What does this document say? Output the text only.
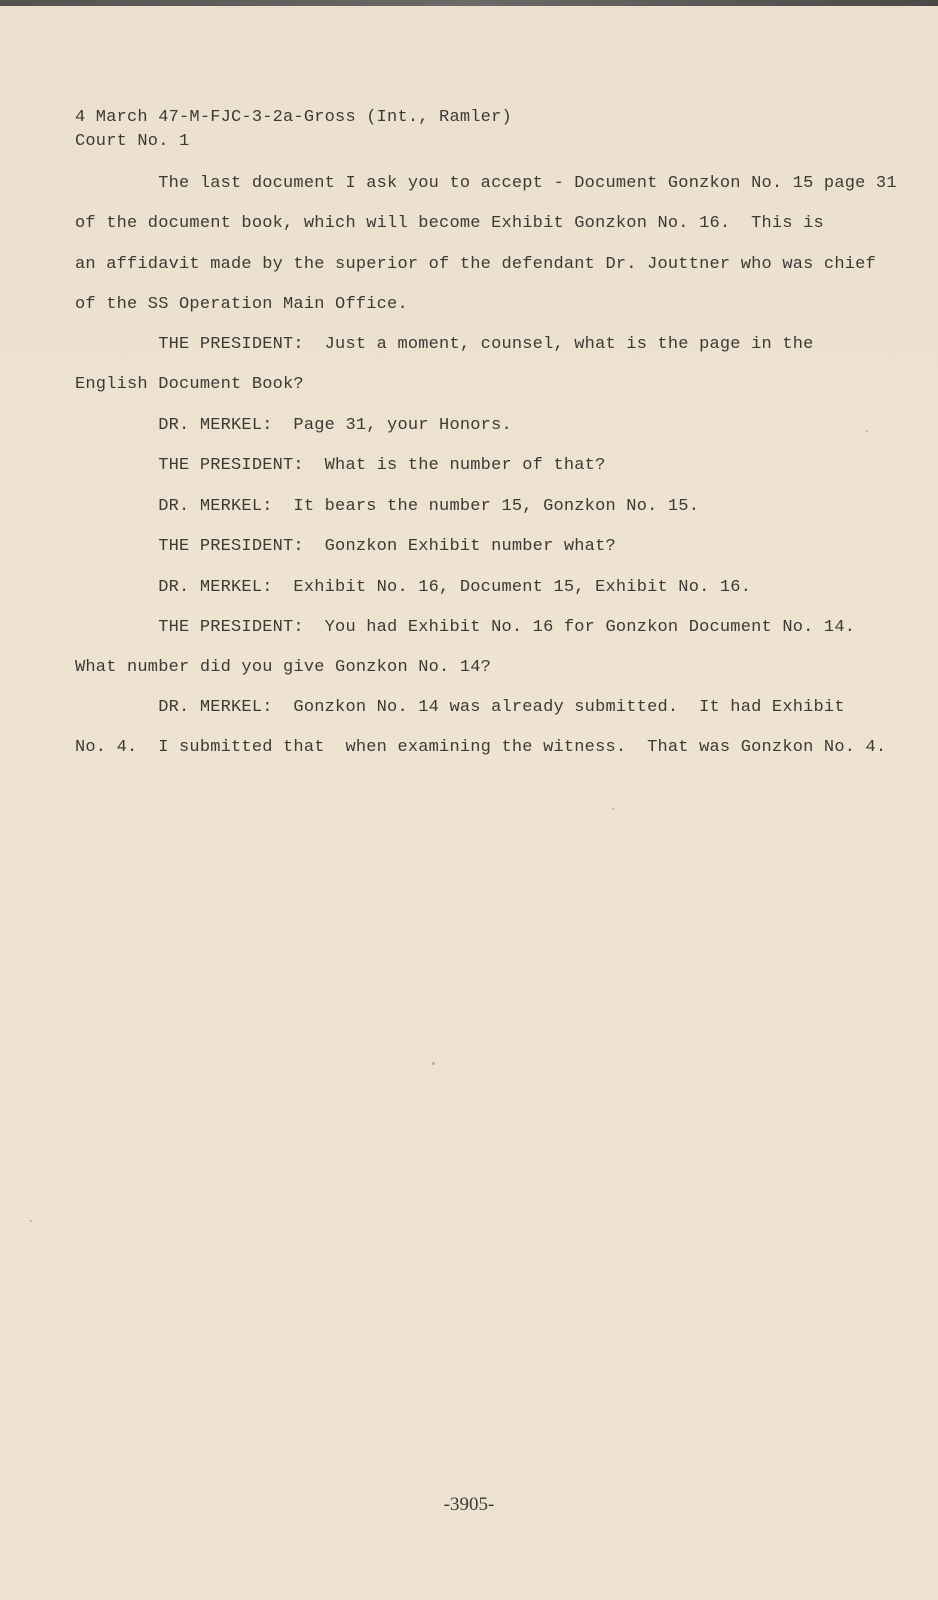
4 March 47-M-FJC-3-2a-Gross (Int., Ramler)
Court No. 1
The last document I ask you to accept - Document Gonzkon No. 15 page 31
of the document book, which will become Exhibit Gonzkon No. 16.  This is
an affidavit made by the superior of the defendant Dr. Jouttner who was chief
of the SS Operation Main Office.
THE PRESIDENT:  Just a moment, counsel, what is the page in the
English Document Book?
DR. MERKEL:  Page 31, your Honors.
THE PRESIDENT:  What is the number of that?
DR. MERKEL:  It bears the number 15, Gonzkon No. 15.
THE PRESIDENT:  Gonzkon Exhibit number what?
DR. MERKEL:  Exhibit No. 16, Document 15, Exhibit No. 16.
THE PRESIDENT:  You had Exhibit No. 16 for Gonzkon Document No. 14.
What number did you give Gonzkon No. 14?
DR. MERKEL:  Gonzkon No. 14 was already submitted.  It had Exhibit
No. 4.  I submitted that  when examining the witness.  That was Gonzkon No. 4.
-3905-
